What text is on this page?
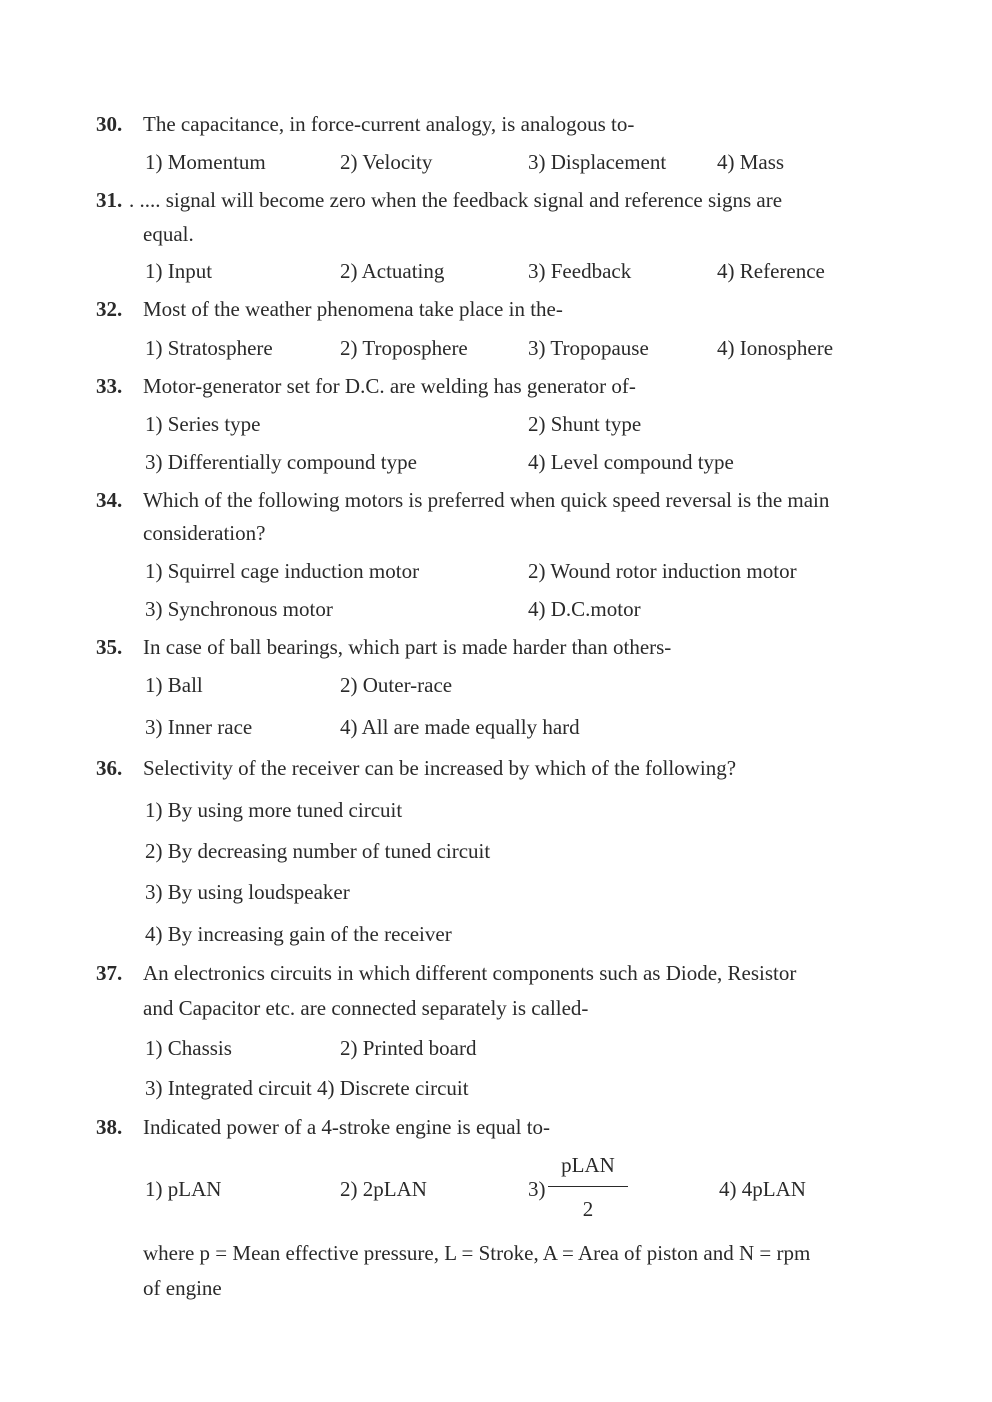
30. The capacitance, in force-current analogy, is analogous to-
1) Momentum	2) Velocity	3) Displacement 4) Mass
31. . .... signal will become zero when the feedback signal and reference signs are
equal.
1) Input	2) Actuating	3) Feedback	4) Reference
32. Most of the weather phenomena take place in the-
1) Stratosphere	2) Troposphere	3) Tropopause	4) Ionosphere
33. Motor-generator set for D.C. are welding has generator of-
1) Series type	2) Shunt type
3) Differentially compound type	4) Level compound type
34. Which of the following motors is preferred when quick speed reversal is the main
consideration?
1) Squirrel cage induction motor	2) Wound rotor induction motor
3) Synchronous motor	4) D.C.motor
35. In case of ball bearings, which part is made harder than others-
1) Ball	2) Outer-race
3) Inner race	4) All are made equally hard
36. Selectivity of the receiver can be increased by which of the following?
1) By using more tuned circuit
2) By decreasing number of tuned circuit
3) By using loudspeaker
4) By increasing gain of the receiver
37. An electronics circuits in which different components such as Diode, Resistor
and Capacitor etc. are connected separately is called-
1) Chassis	2) Printed board
3) Integrated circuit 4) Discrete circuit
38. Indicated power of a 4-stroke engine is equal to-
1) pLAN	2) 2pLAN	3)
pLAN
2
4) 4pLAN
where p = Mean effective pressure, L = Stroke, A = Area of piston and N = rpm
of engine
